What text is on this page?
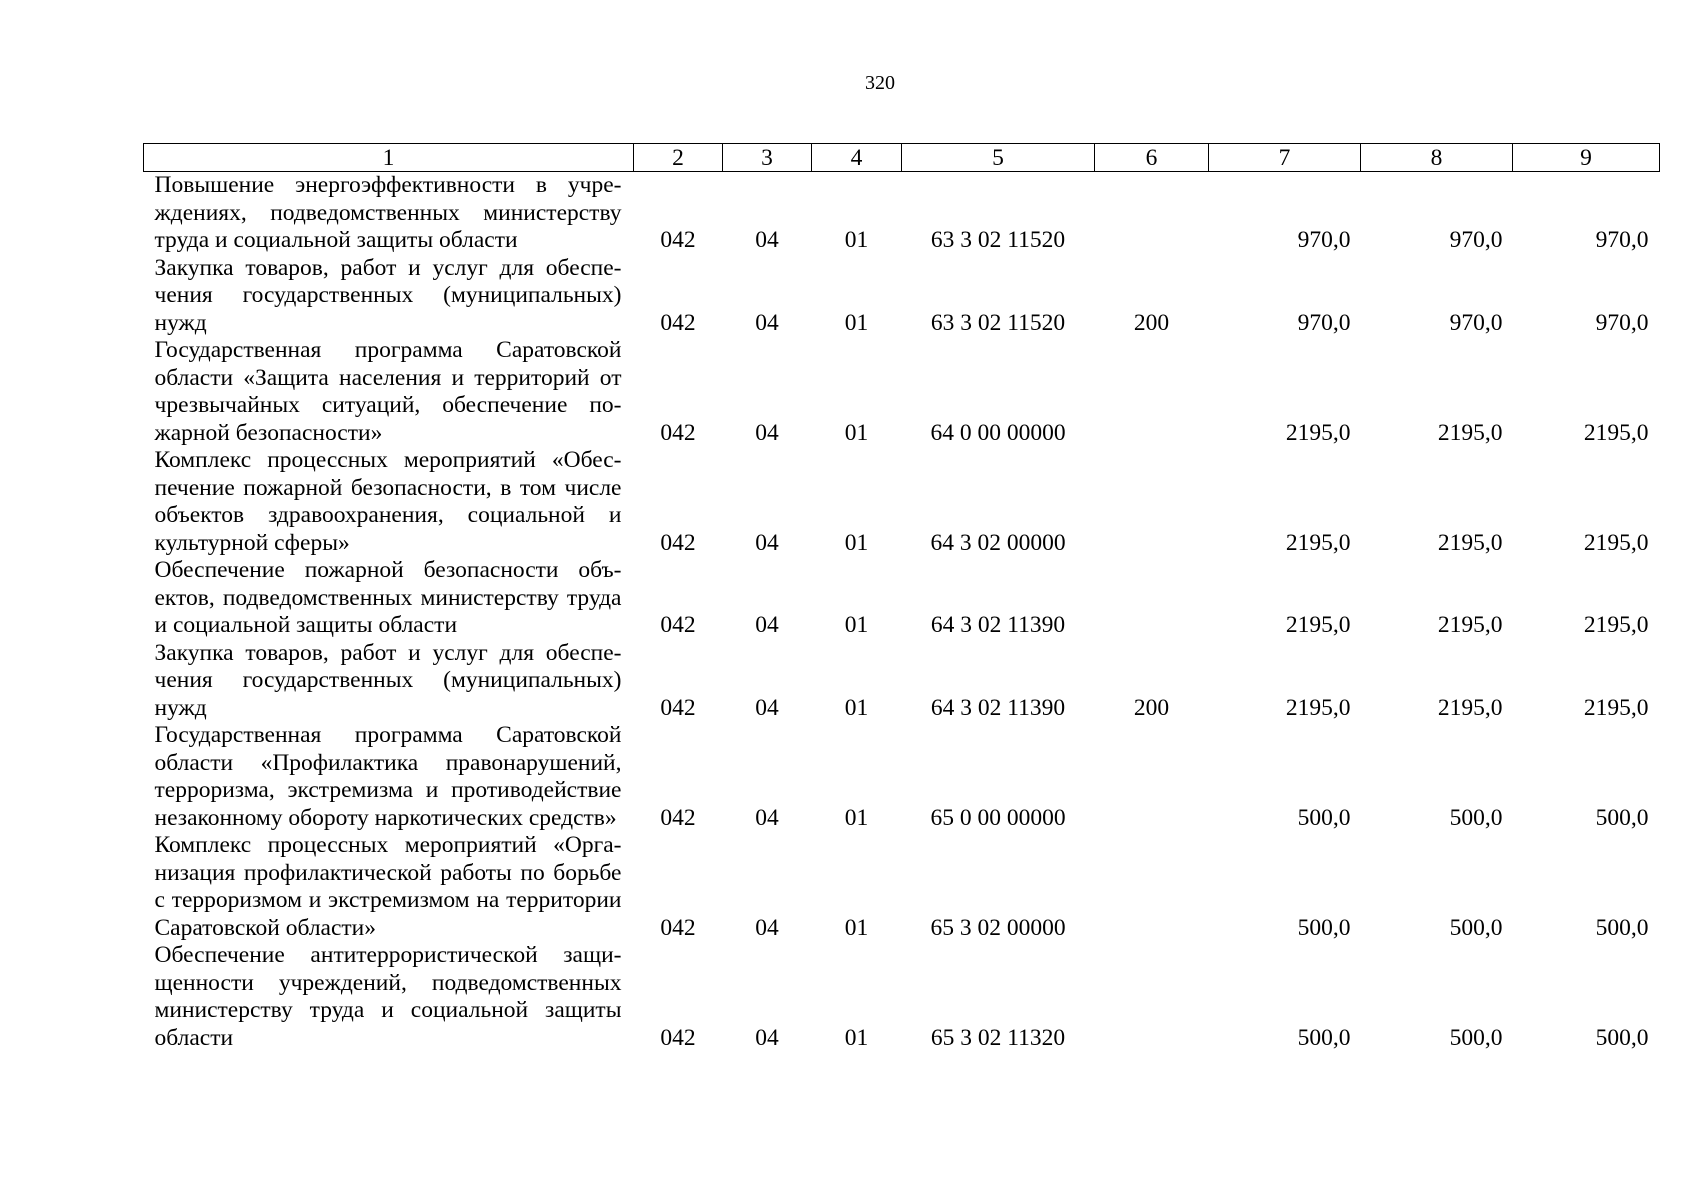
320
1	2	3	4	5	6	7	8	9
Повышение энергоэффективности в учреждениях, подведомственных министерству труда и социальной защиты области	042	04	01	63 3 02 11520		970,0	970,0	970,0
Закупка товаров, работ и услуг для обеспечения государственных (муниципальных) нужд	042	04	01	63 3 02 11520	200	970,0	970,0	970,0
Государственная программа Саратовской области «Защита населения и территорий от чрезвычайных ситуаций, обеспечение пожарной безопасности»	042	04	01	64 0 00 00000		2195,0	2195,0	2195,0
Комплекс процессных мероприятий «Обеспечение пожарной безопасности, в том числе объектов здравоохранения, социальной и культурной сферы»	042	04	01	64 3 02 00000		2195,0	2195,0	2195,0
Обеспечение пожарной безопасности объектов, подведомственных министерству труда и социальной защиты области	042	04	01	64 3 02 11390		2195,0	2195,0	2195,0
Закупка товаров, работ и услуг для обеспечения государственных (муниципальных) нужд	042	04	01	64 3 02 11390	200	2195,0	2195,0	2195,0
Государственная программа Саратовской области «Профилактика правонарушений, терроризма, экстремизма и противодействие незаконному обороту наркотических средств»	042	04	01	65 0 00 00000		500,0	500,0	500,0
Комплекс процессных мероприятий «Организация профилактической работы по борьбе с терроризмом и экстремизмом на территории Саратовской области»	042	04	01	65 3 02 00000		500,0	500,0	500,0
Обеспечение антитеррористической защищенности учреждений, подведомственных министерству труда и социальной защиты области	042	04	01	65 3 02 11320		500,0	500,0	500,0
